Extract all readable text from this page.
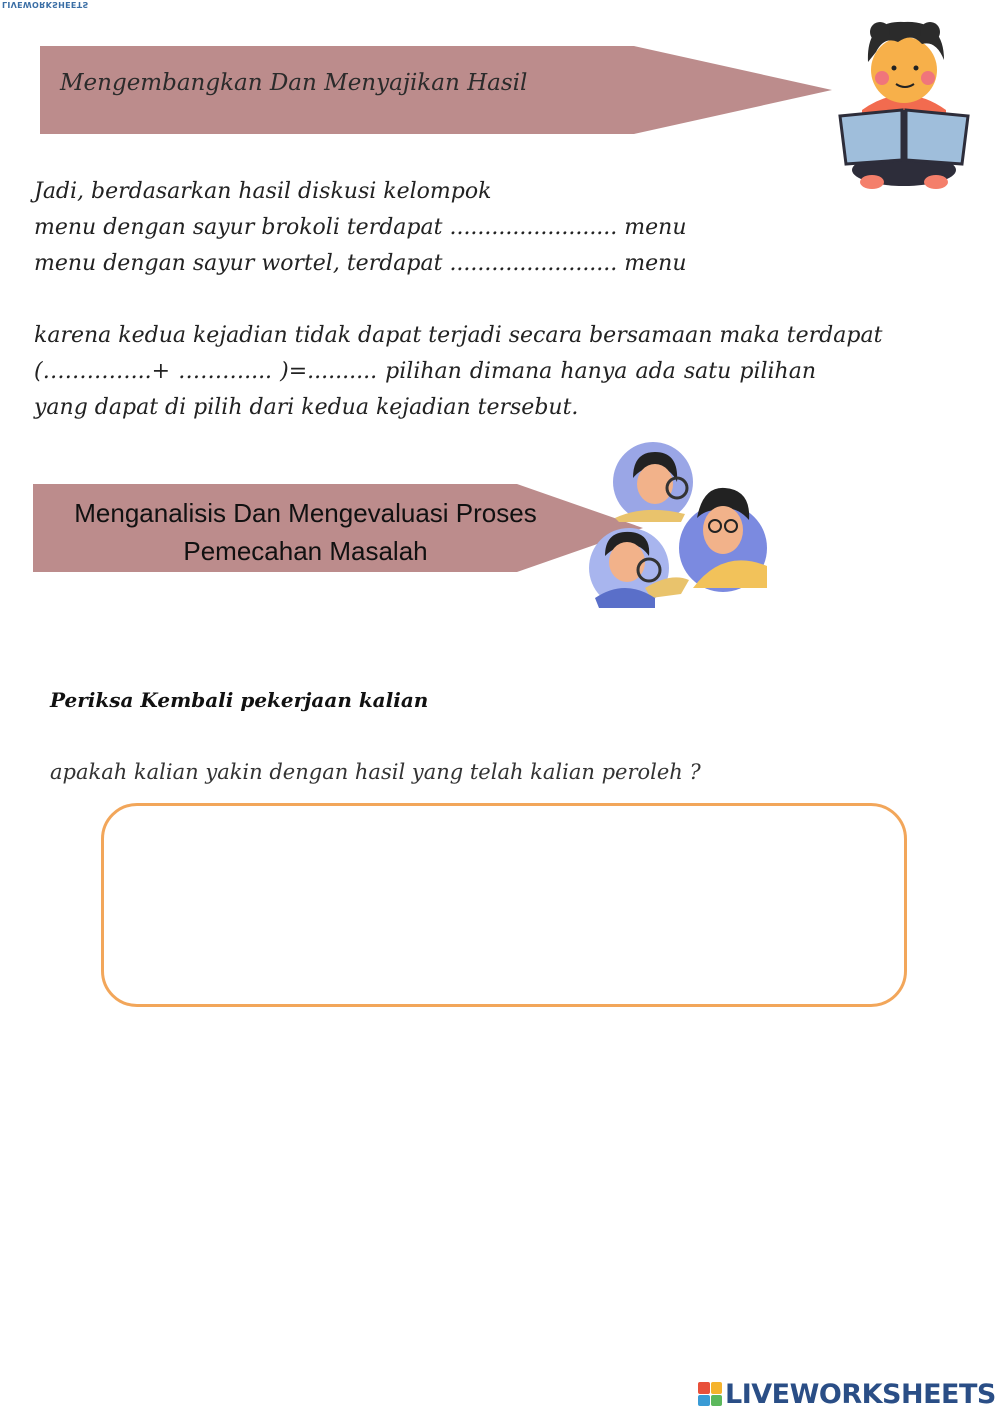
LIVEWORKSHEETS
Mengembangkan Dan Menyajikan Hasil
Jadi, berdasarkan hasil diskusi kelompok
menu dengan sayur brokoli terdapat ........................ menu
menu dengan sayur wortel, terdapat ........................ menu
karena kedua kejadian tidak dapat terjadi secara bersamaan maka terdapat
(…………...+ ……….... )=.......... pilihan dimana hanya ada satu pilihan
yang dapat di pilih dari kedua kejadian tersebut.
Menganalisis Dan Mengevaluasi Proses
Pemecahan Masalah
Periksa Kembali pekerjaan kalian
apakah kalian yakin dengan hasil yang telah kalian peroleh ?
LIVEWORKSHEETS
